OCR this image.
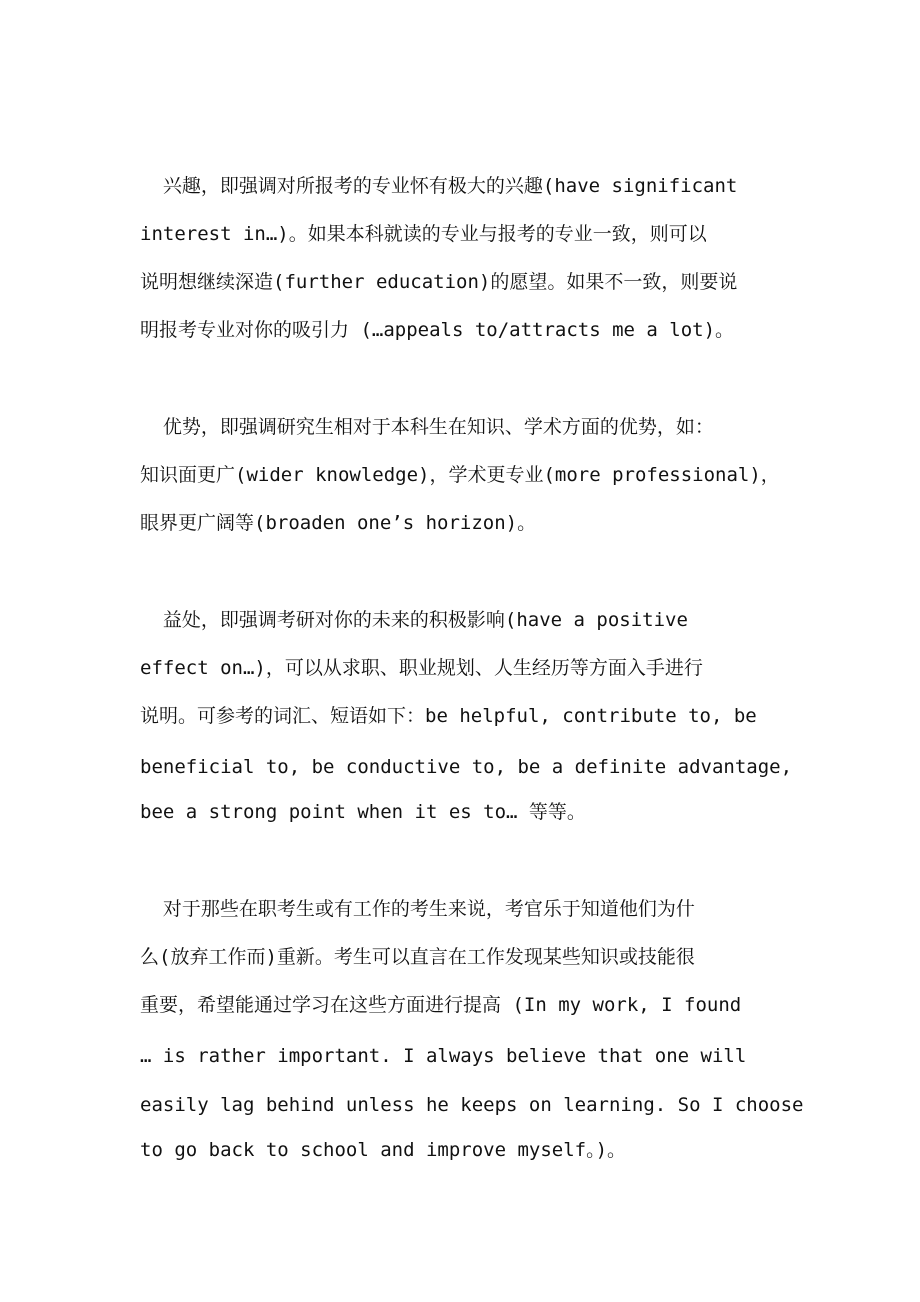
兴趣，即强调对所报考的专业怀有极大的兴趣(have significant
interest in…)。如果本科就读的专业与报考的专业一致，则可以
说明想继续深造(further education)的愿望。如果不一致，则要说
明报考专业对你的吸引力 (…appeals to/attracts me a lot)。
优势，即强调研究生相对于本科生在知识、学术方面的优势，如：
知识面更广(wider knowledge)，学术更专业(more professional)，
眼界更广阔等(broaden one’s horizon)。
益处，即强调考研对你的未来的积极影响(have a positive
effect on…)，可以从求职、职业规划、人生经历等方面入手进行
说明。可参考的词汇、短语如下：be helpful, contribute to, be
beneficial to, be conductive to, be a definite advantage,
bee a strong point when it es to… 等等。
对于那些在职考生或有工作的考生来说，考官乐于知道他们为什
么(放弃工作而)重新。考生可以直言在工作发现某些知识或技能很
重要，希望能通过学习在这些方面进行提高 (In my work, I found
… is rather important. I always believe that one will
easily lag behind unless he keeps on learning. So I choose
to go back to school and improve myself。)。
